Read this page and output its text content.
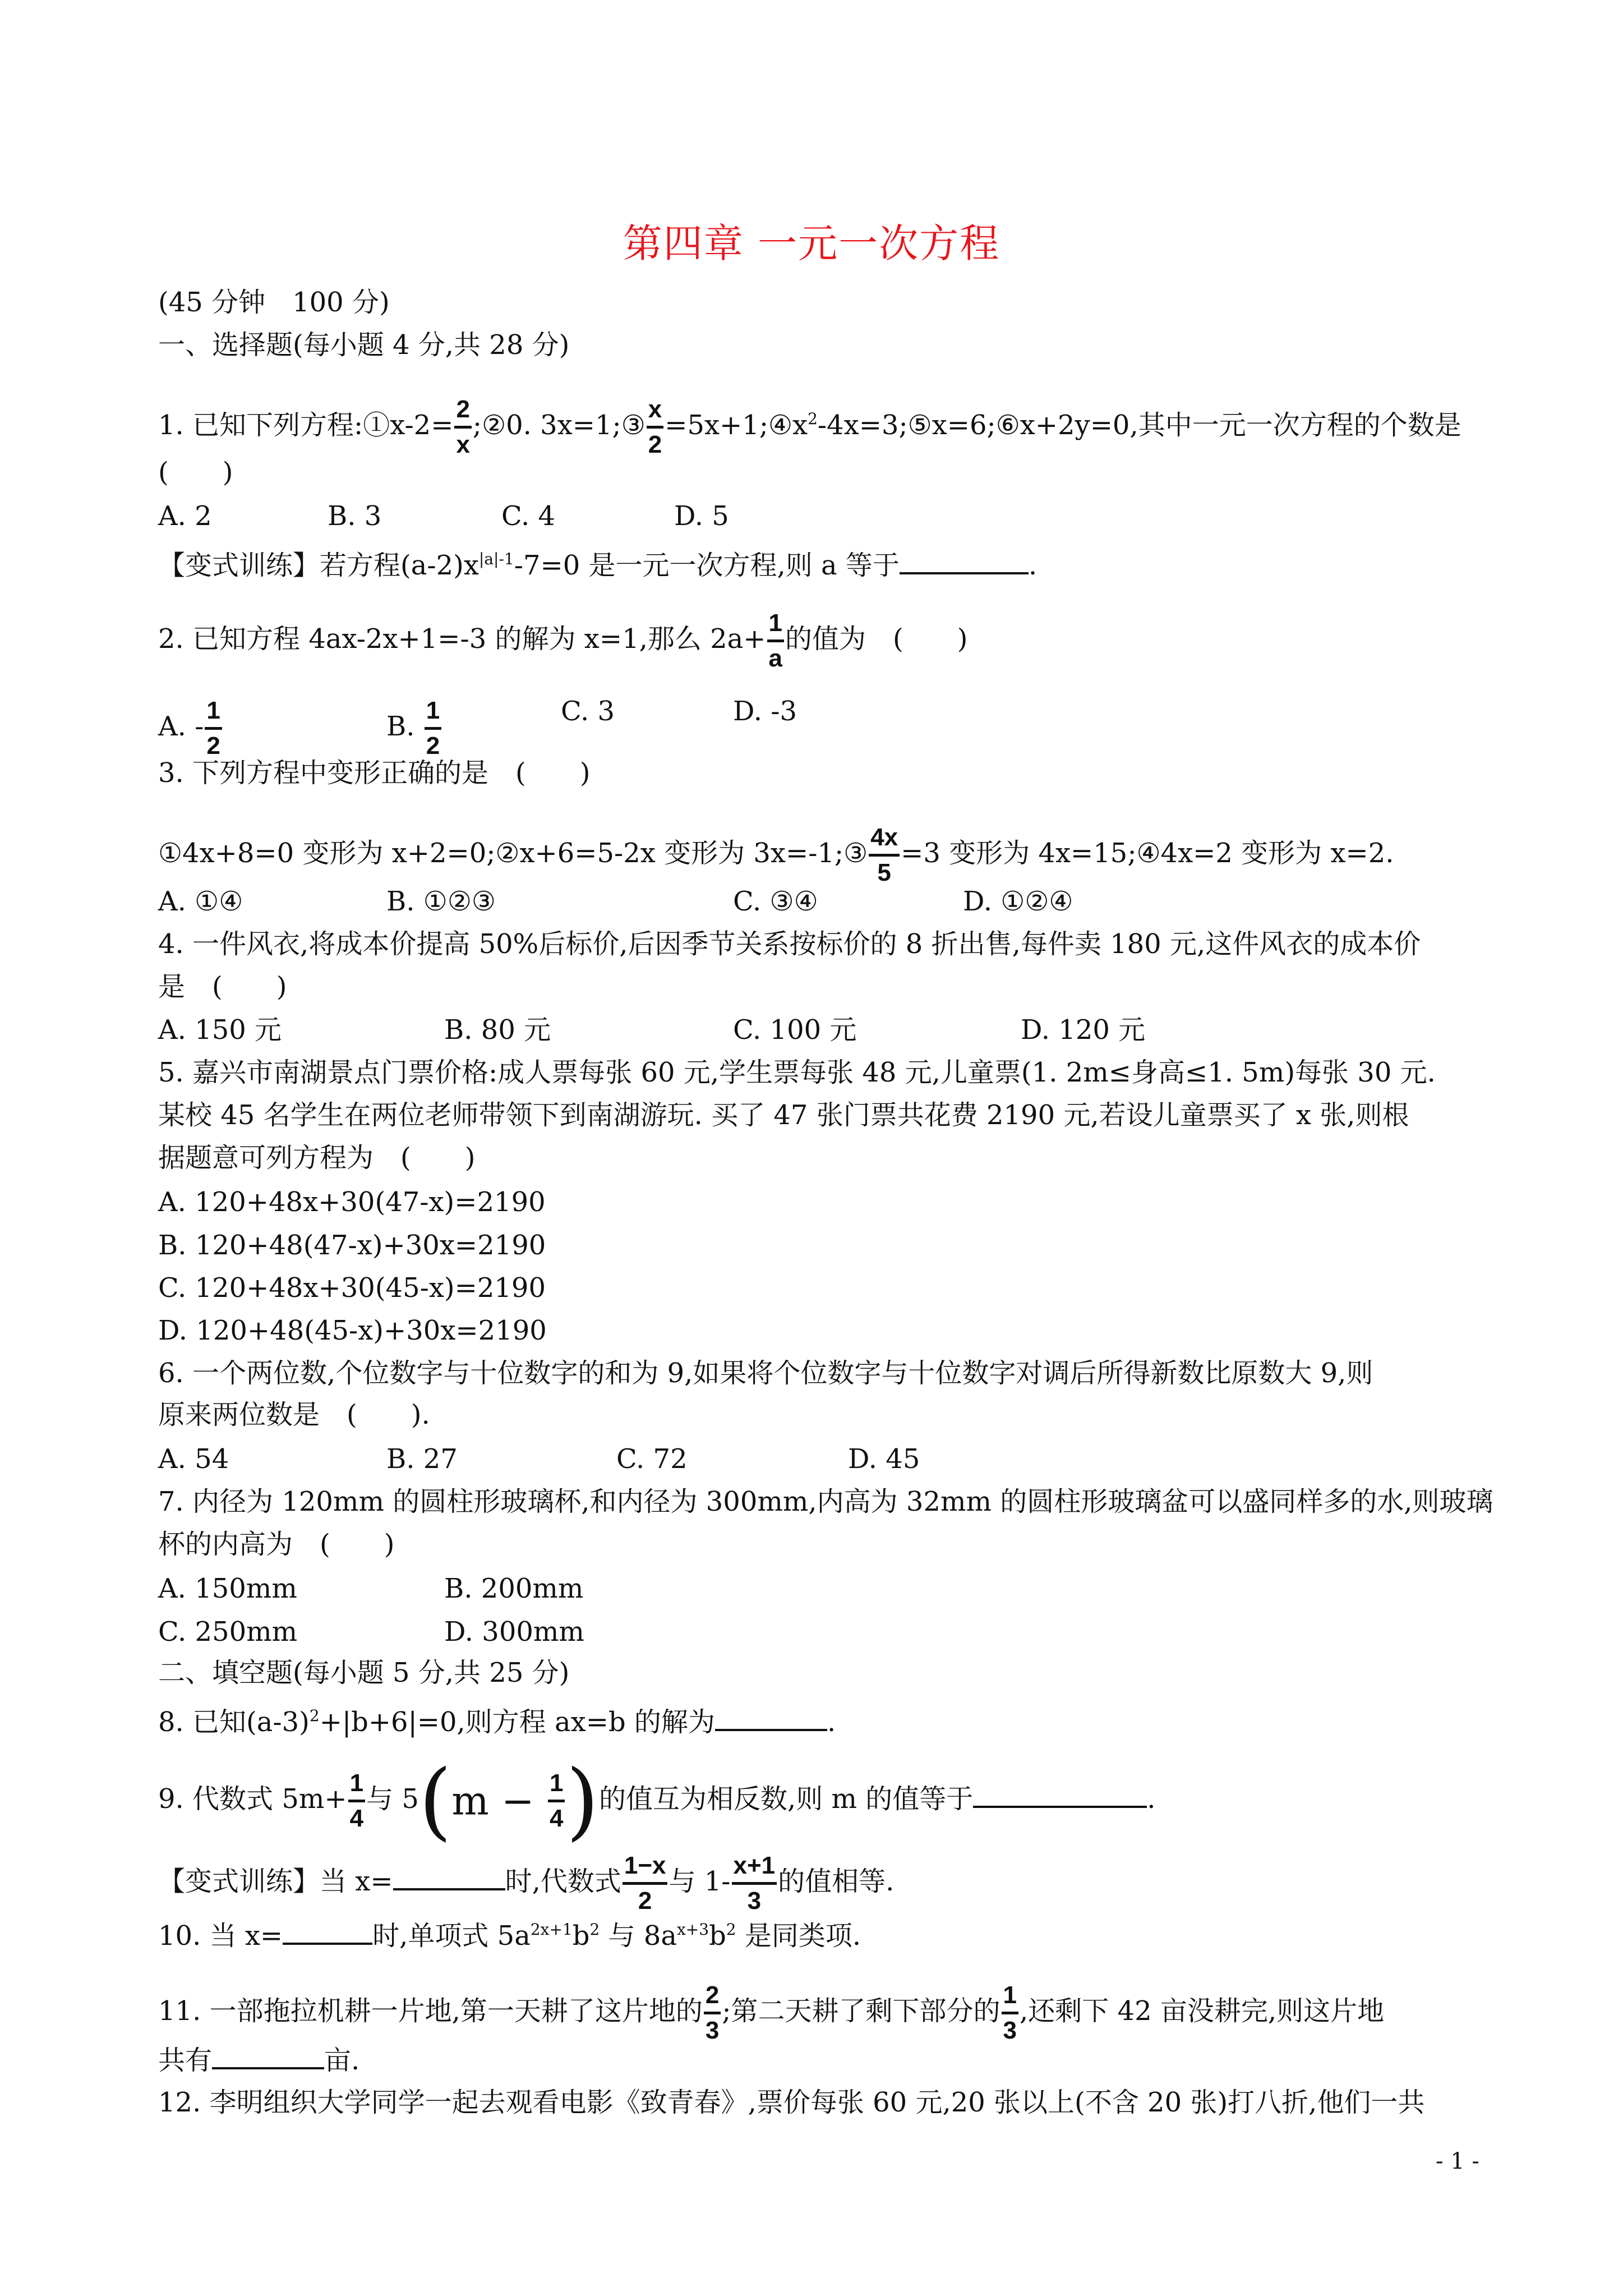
第四章 一元一次方程
(45 分钟　100 分)
一、选择题(每小题 4 分,共 28 分)
1. 已知下列方程:①x-2= $\frac{2}{x}$ ;②0. 3x=1;③ $\frac{x}{2}$ $=5x+1;④x^2-4x=3;⑤x=6;⑥x+2y=0$,其中一元一次方程的个数是
(　　)
A. 2	B. 3	C. 4	D. 5
【变式训练】若方程$(a-2)x^{|a|-1}-7=0$ 是一元一次方程,则 a 等于	.
2. 已知方程 4ax-2x+1=-3 的解为 x=1,那么 $2a+ \frac{1}{a}$ 的值为　(　　)
A. - $\frac{1}{2}$	B. $\frac{1}{2}$	C. 3	D. -3
3. 下列方程中变形正确的是　(　　)
①4x+8=0 变形为 x+2=0;②x+6=5-2x 变形为 3x=-1;③ $\frac{4x}{5} =3$ 变形为 4x=15;④4x=2 变形为 x=2.
A. ①④	B. ①②③	C. ③④	D. ①②④
4. 一件风衣,将成本价提高 50%后标价,后因季节关系按标价的 8 折出售,每件卖 180 元,这件风衣的成本价
是　(　　)
A. 150 元	B. 80 元	C. 100 元	D. 120 元
5. 嘉兴市南湖景点门票价格:成人票每张 60 元,学生票每张 48 元,儿童票(1. 2m≤身高≤1. 5m)每张 30 元.
某校 45 名学生在两位老师带领下到南湖游玩. 买了 47 张门票共花费 2190 元,若设儿童票买了 x 张,则根
据题意可列方程为　(　　)
A. 120+48x+30(47-x)=2190
B. 120+48(47-x)+30x=2190
C. 120+48x+30(45-x)=2190
D. 120+48(45-x)+30x=2190
6. 一个两位数,个位数字与十位数字的和为 9,如果将个位数字与十位数字对调后所得新数比原数大 9,则
原来两位数是　(　　).
A. 54	B. 27	C. 72	D. 45
7. 内径为 120mm 的圆柱形玻璃杯,和内径为 300mm,内高为 32mm 的圆柱形玻璃盆可以盛同样多的水,则玻璃
杯的内高为　(　　)
A. 150mm	B. 200mm
C. 250mm	D. 300mm
二、填空题(每小题 5 分,共 25 分)
8. 已知$(a-3)^2+|b+6|=0$,则方程 ax=b 的解为	.
9. 代数式 $5m+ \frac{1}{4}$ 与 $5(m - \frac{1}{4}$ )的值互为相反数,则 m 的值等于	.
【变式训练】当 x=	时,代数式 $\frac{1-x}{2}$ 与 $1- \frac{x+1}{3}$ 的值相等.
10. 当 x=	时,单项式 $5a^{2x+1}b^2$ 与 $8a^{x+3}b^2$ 是同类项.
11. 一部拖拉机耕一片地,第一天耕了这片地的 $\frac{2}{3}$ ;第二天耕了剩下部分的 $\frac{1}{3}$ ,还剩下 42 亩没耕完,则这片地
共有	亩.
12. 李明组织大学同学一起去观看电影《致青春》,票价每张 60 元,20 张以上(不含 20 张)打八折,他们一共
- 1 -
